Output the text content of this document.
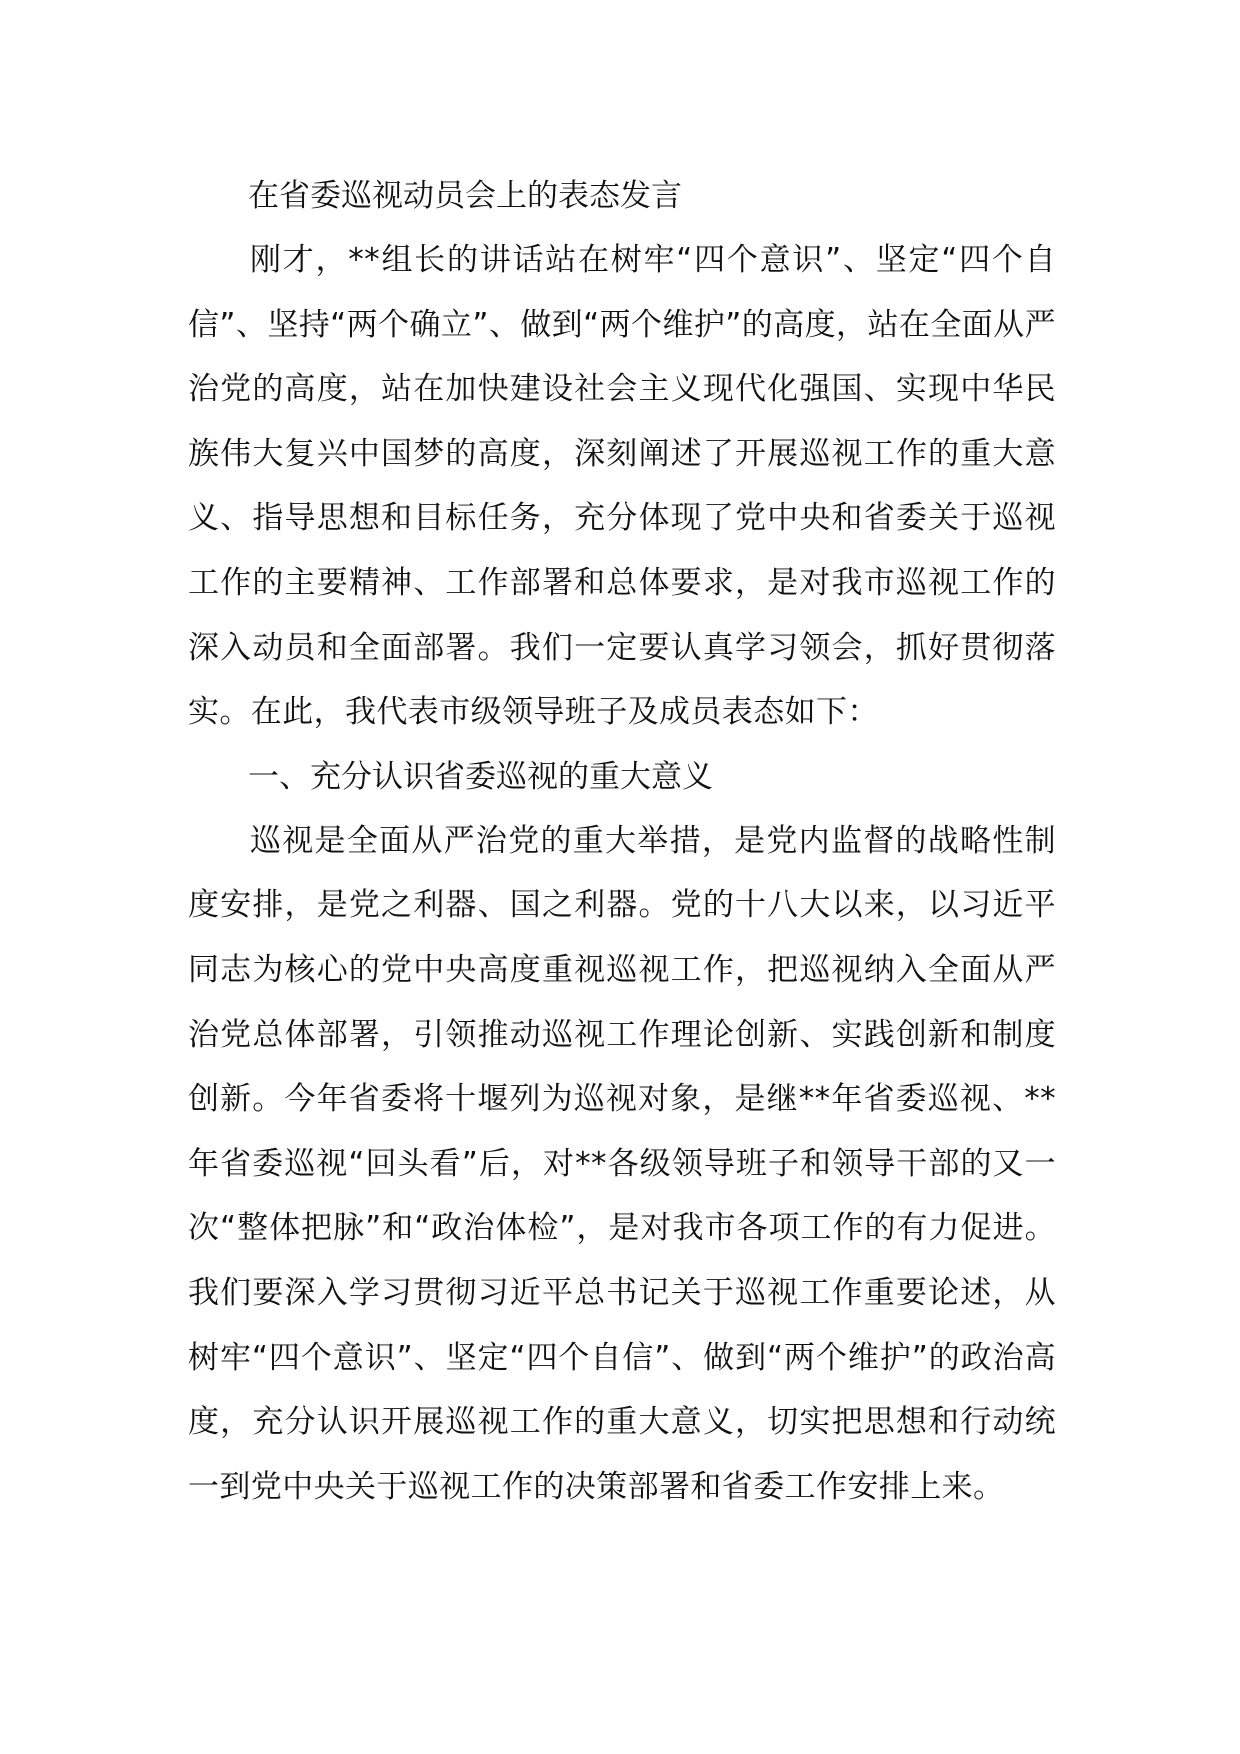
在省委巡视动员会上的表态发言

刚才，**组长的讲话站在树牢“四个意识”、坚定“四个自信”、坚持“两个确立”、做到“两个维护”的高度，站在全面从严治党的高度，站在加快建设社会主义现代化强国、实现中华民族伟大复兴中国梦的高度，深刻阐述了开展巡视工作的重大意义、指导思想和目标任务，充分体现了党中央和省委关于巡视工作的主要精神、工作部署和总体要求，是对我市巡视工作的深入动员和全面部署。我们一定要认真学习领会，抓好贯彻落实。在此，我代表市级领导班子及成员表态如下：

一、充分认识省委巡视的重大意义

巡视是全面从严治党的重大举措，是党内监督的战略性制度安排，是党之利器、国之利器。党的十八大以来，以习近平同志为核心的党中央高度重视巡视工作，把巡视纳入全面从严治党总体部署，引领推动巡视工作理论创新、实践创新和制度创新。今年省委将十堰列为巡视对象，是继**年省委巡视、**年省委巡视“回头看”后，对**各级领导班子和领导干部的又一次“整体把脉”和“政治体检”，是对我市各项工作的有力促进。我们要深入学习贯彻习近平总书记关于巡视工作重要论述，从树牢“四个意识”、坚定“四个自信”、做到“两个维护”的政治高度，充分认识开展巡视工作的重大意义，切实把思想和行动统一到党中央关于巡视工作的决策部署和省委工作安排上来。
